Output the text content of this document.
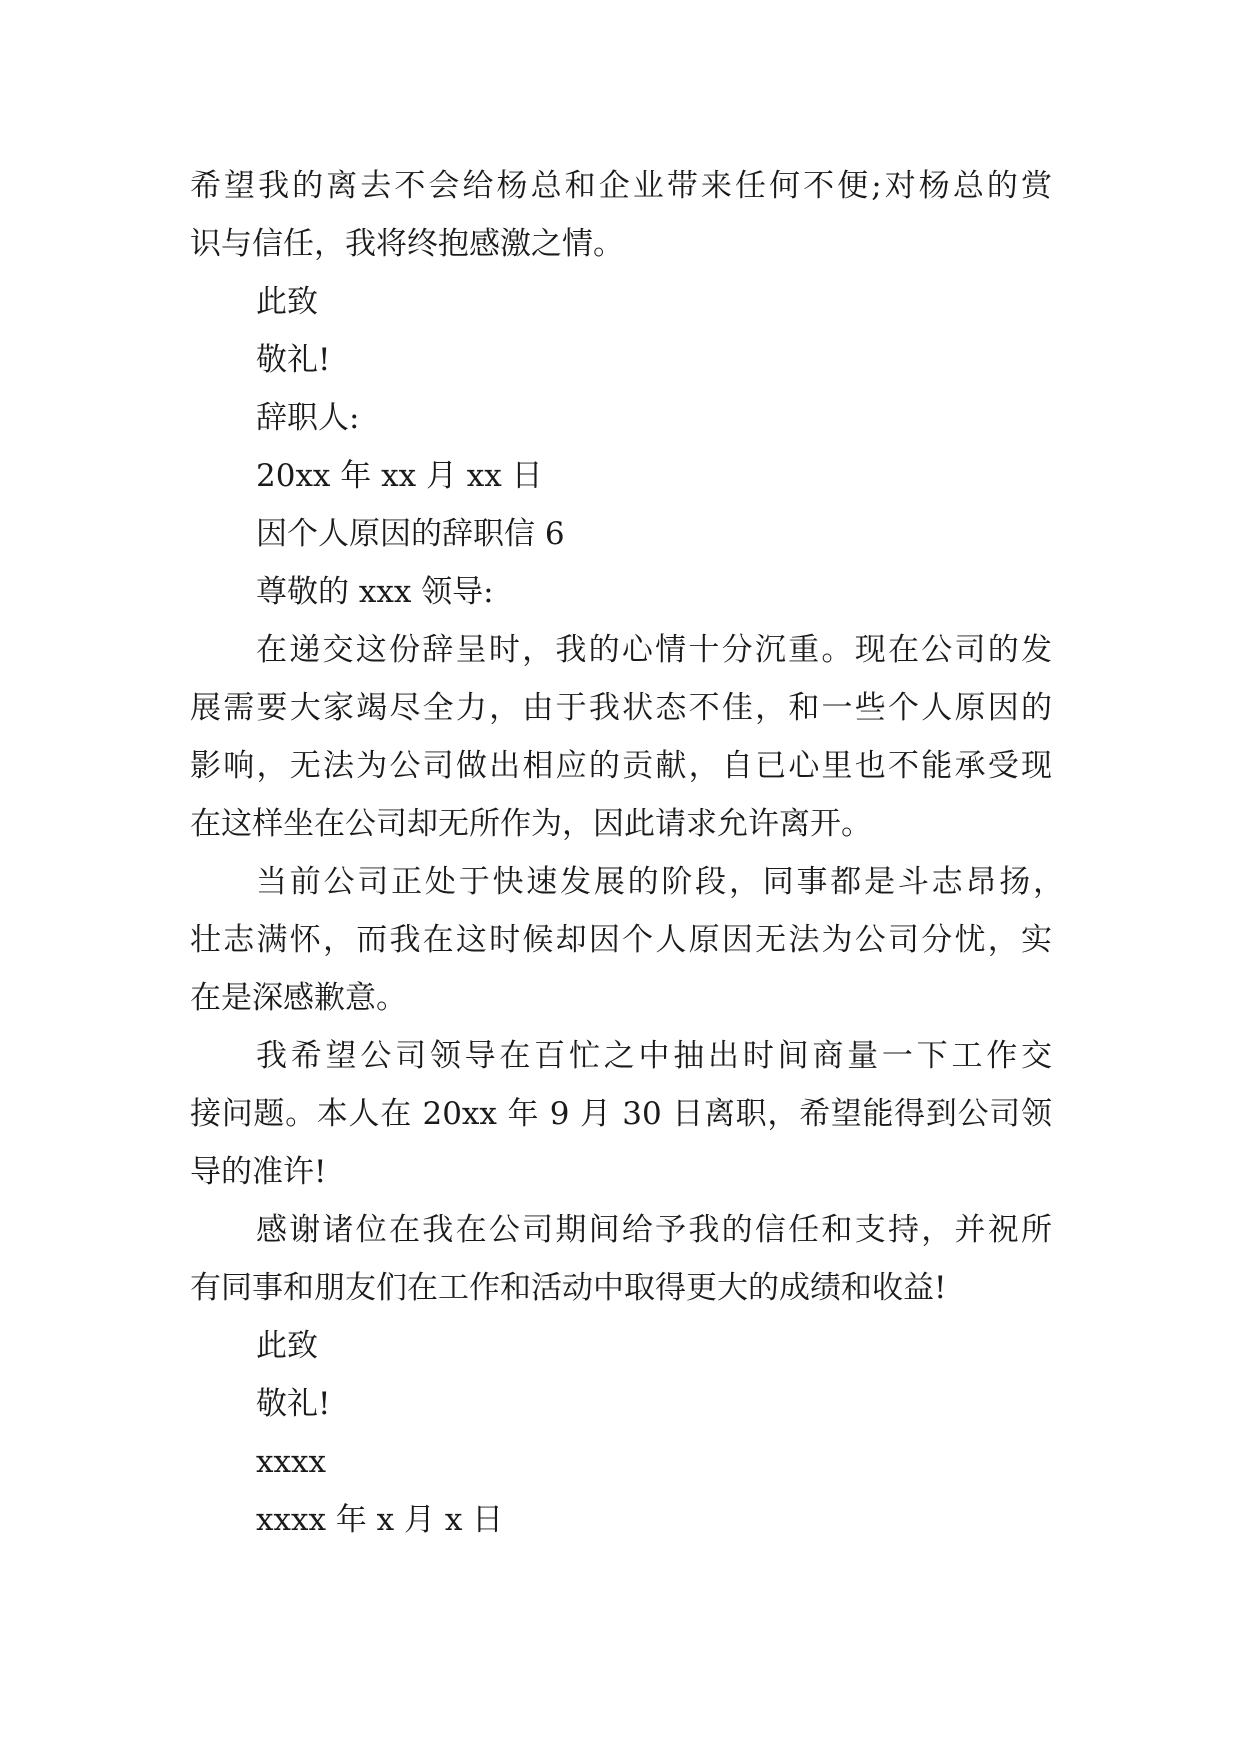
希望我的离去不会给杨总和企业带来任何不便;对杨总的赏
识与信任，我将终抱感激之情。
此致
敬礼!
辞职人:
20xx 年 xx 月 xx 日
因个人原因的辞职信 6
尊敬的 xxx 领导:
在递交这份辞呈时，我的心情十分沉重。现在公司的发
展需要大家竭尽全力，由于我状态不佳，和一些个人原因的
影响，无法为公司做出相应的贡献，自已心里也不能承受现
在这样坐在公司却无所作为，因此请求允许离开。
当前公司正处于快速发展的阶段，同事都是斗志昂扬，
壮志满怀，而我在这时候却因个人原因无法为公司分忧，实
在是深感歉意。
我希望公司领导在百忙之中抽出时间商量一下工作交
接问题。本人在 20xx 年 9 月 30 日离职，希望能得到公司领
导的准许!
感谢诸位在我在公司期间给予我的信任和支持，并祝所
有同事和朋友们在工作和活动中取得更大的成绩和收益!
此致
敬礼!
xxxx
xxxx 年 x 月 x 日
